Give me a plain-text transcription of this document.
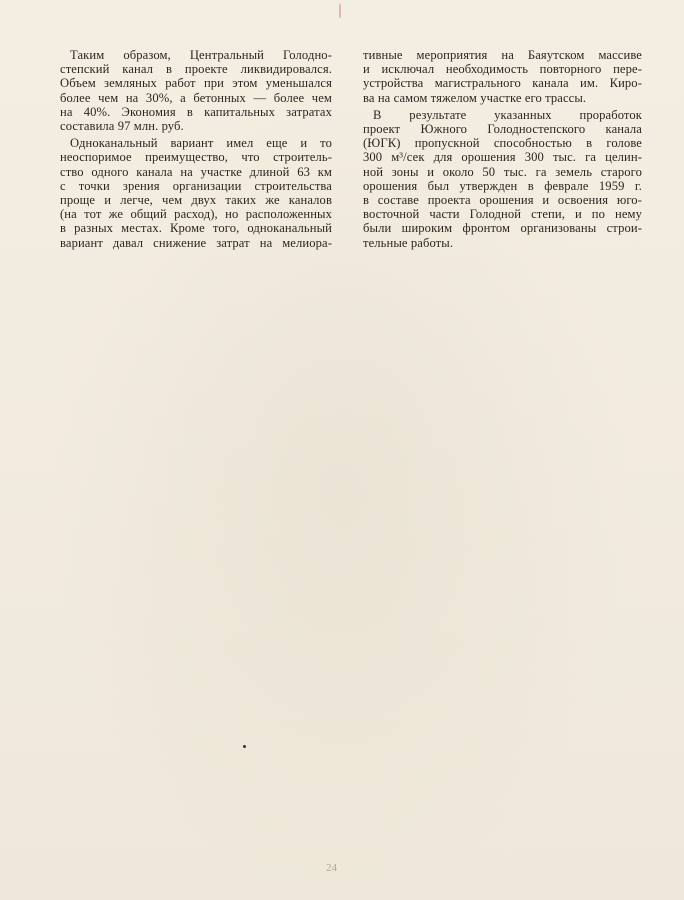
Таким образом, Центральный Голодно-
степский канал в проекте ликвидировался.
Объем земляных работ при этом уменьшался
более чем на 30%, а бетонных — более чем
на 40%. Экономия в капитальных затратах
составила 97 млн. руб.

Одноканальный вариант имел еще и то
неоспоримое преимущество, что строитель-
ство одного канала на участке длиной 63 км
с точки зрения организации строительства
проще и легче, чем двух таких же каналов
(на тот же общий расход), но расположенных
в разных местах. Кроме того, одноканальный
вариант давал снижение затрат на мелиора-

тивные мероприятия на Баяутском массиве
и исключал необходимость повторного пере-
устройства магистрального канала им. Киро-
ва на самом тяжелом участке его трассы.

В результате указанных проработок
проект Южного Голодностепского канала
(ЮГК) пропускной способностью в голове
300 м³/сек для орошения 300 тыс. га целин-
ной зоны и около 50 тыс. га земель старого
орошения был утвержден в феврале 1959 г.
в составе проекта орошения и освоения юго-
восточной части Голодной степи, и по нему
были широким фронтом организованы строи-
тельные работы.

24
